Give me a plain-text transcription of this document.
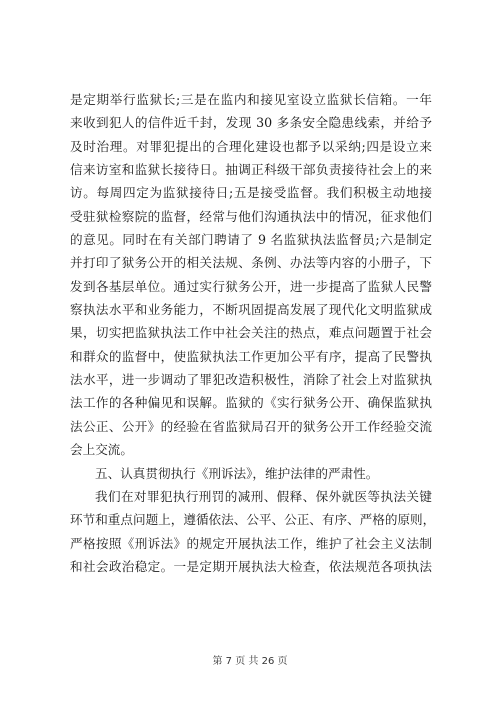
是定期举行监狱长;三是在监内和接见室设立监狱长信箱。一年
来收到犯人的信件近千封，发现 30 多条安全隐患线索，并给予
及时治理。对罪犯提出的合理化建设也都予以采纳;四是设立来
信来访室和监狱长接待日。抽调正科级干部负责接待社会上的来
访。每周四定为监狱接待日;五是接受监督。我们积极主动地接
受驻狱检察院的监督，经常与他们沟通执法中的情况，征求他们
的意见。同时在有关部门聘请了 9 名监狱执法监督员;六是制定
并打印了狱务公开的相关法规、条例、办法等内容的小册子，下
发到各基层单位。通过实行狱务公开，进一步提高了监狱人民警
察执法水平和业务能力，不断巩固提高发展了现代化文明监狱成
果，切实把监狱执法工作中社会关注的热点，难点问题置于社会
和群众的监督中，使监狱执法工作更加公平有序，提高了民警执
法水平，进一步调动了罪犯改造积极性，消除了社会上对监狱执
法工作的各种偏见和误解。监狱的《实行狱务公开、确保监狱执
法公正、公开》的经验在省监狱局召开的狱务公开工作经验交流
会上交流。
五、认真贯彻执行《刑诉法》，维护法律的严肃性。
我们在对罪犯执行刑罚的减刑、假释、保外就医等执法关键
环节和重点问题上，遵循依法、公平、公正、有序、严格的原则，
严格按照《刑诉法》的规定开展执法工作，维护了社会主义法制
和社会政治稳定。一是定期开展执法大检查，依法规范各项执法
第 7 页 共 26 页
